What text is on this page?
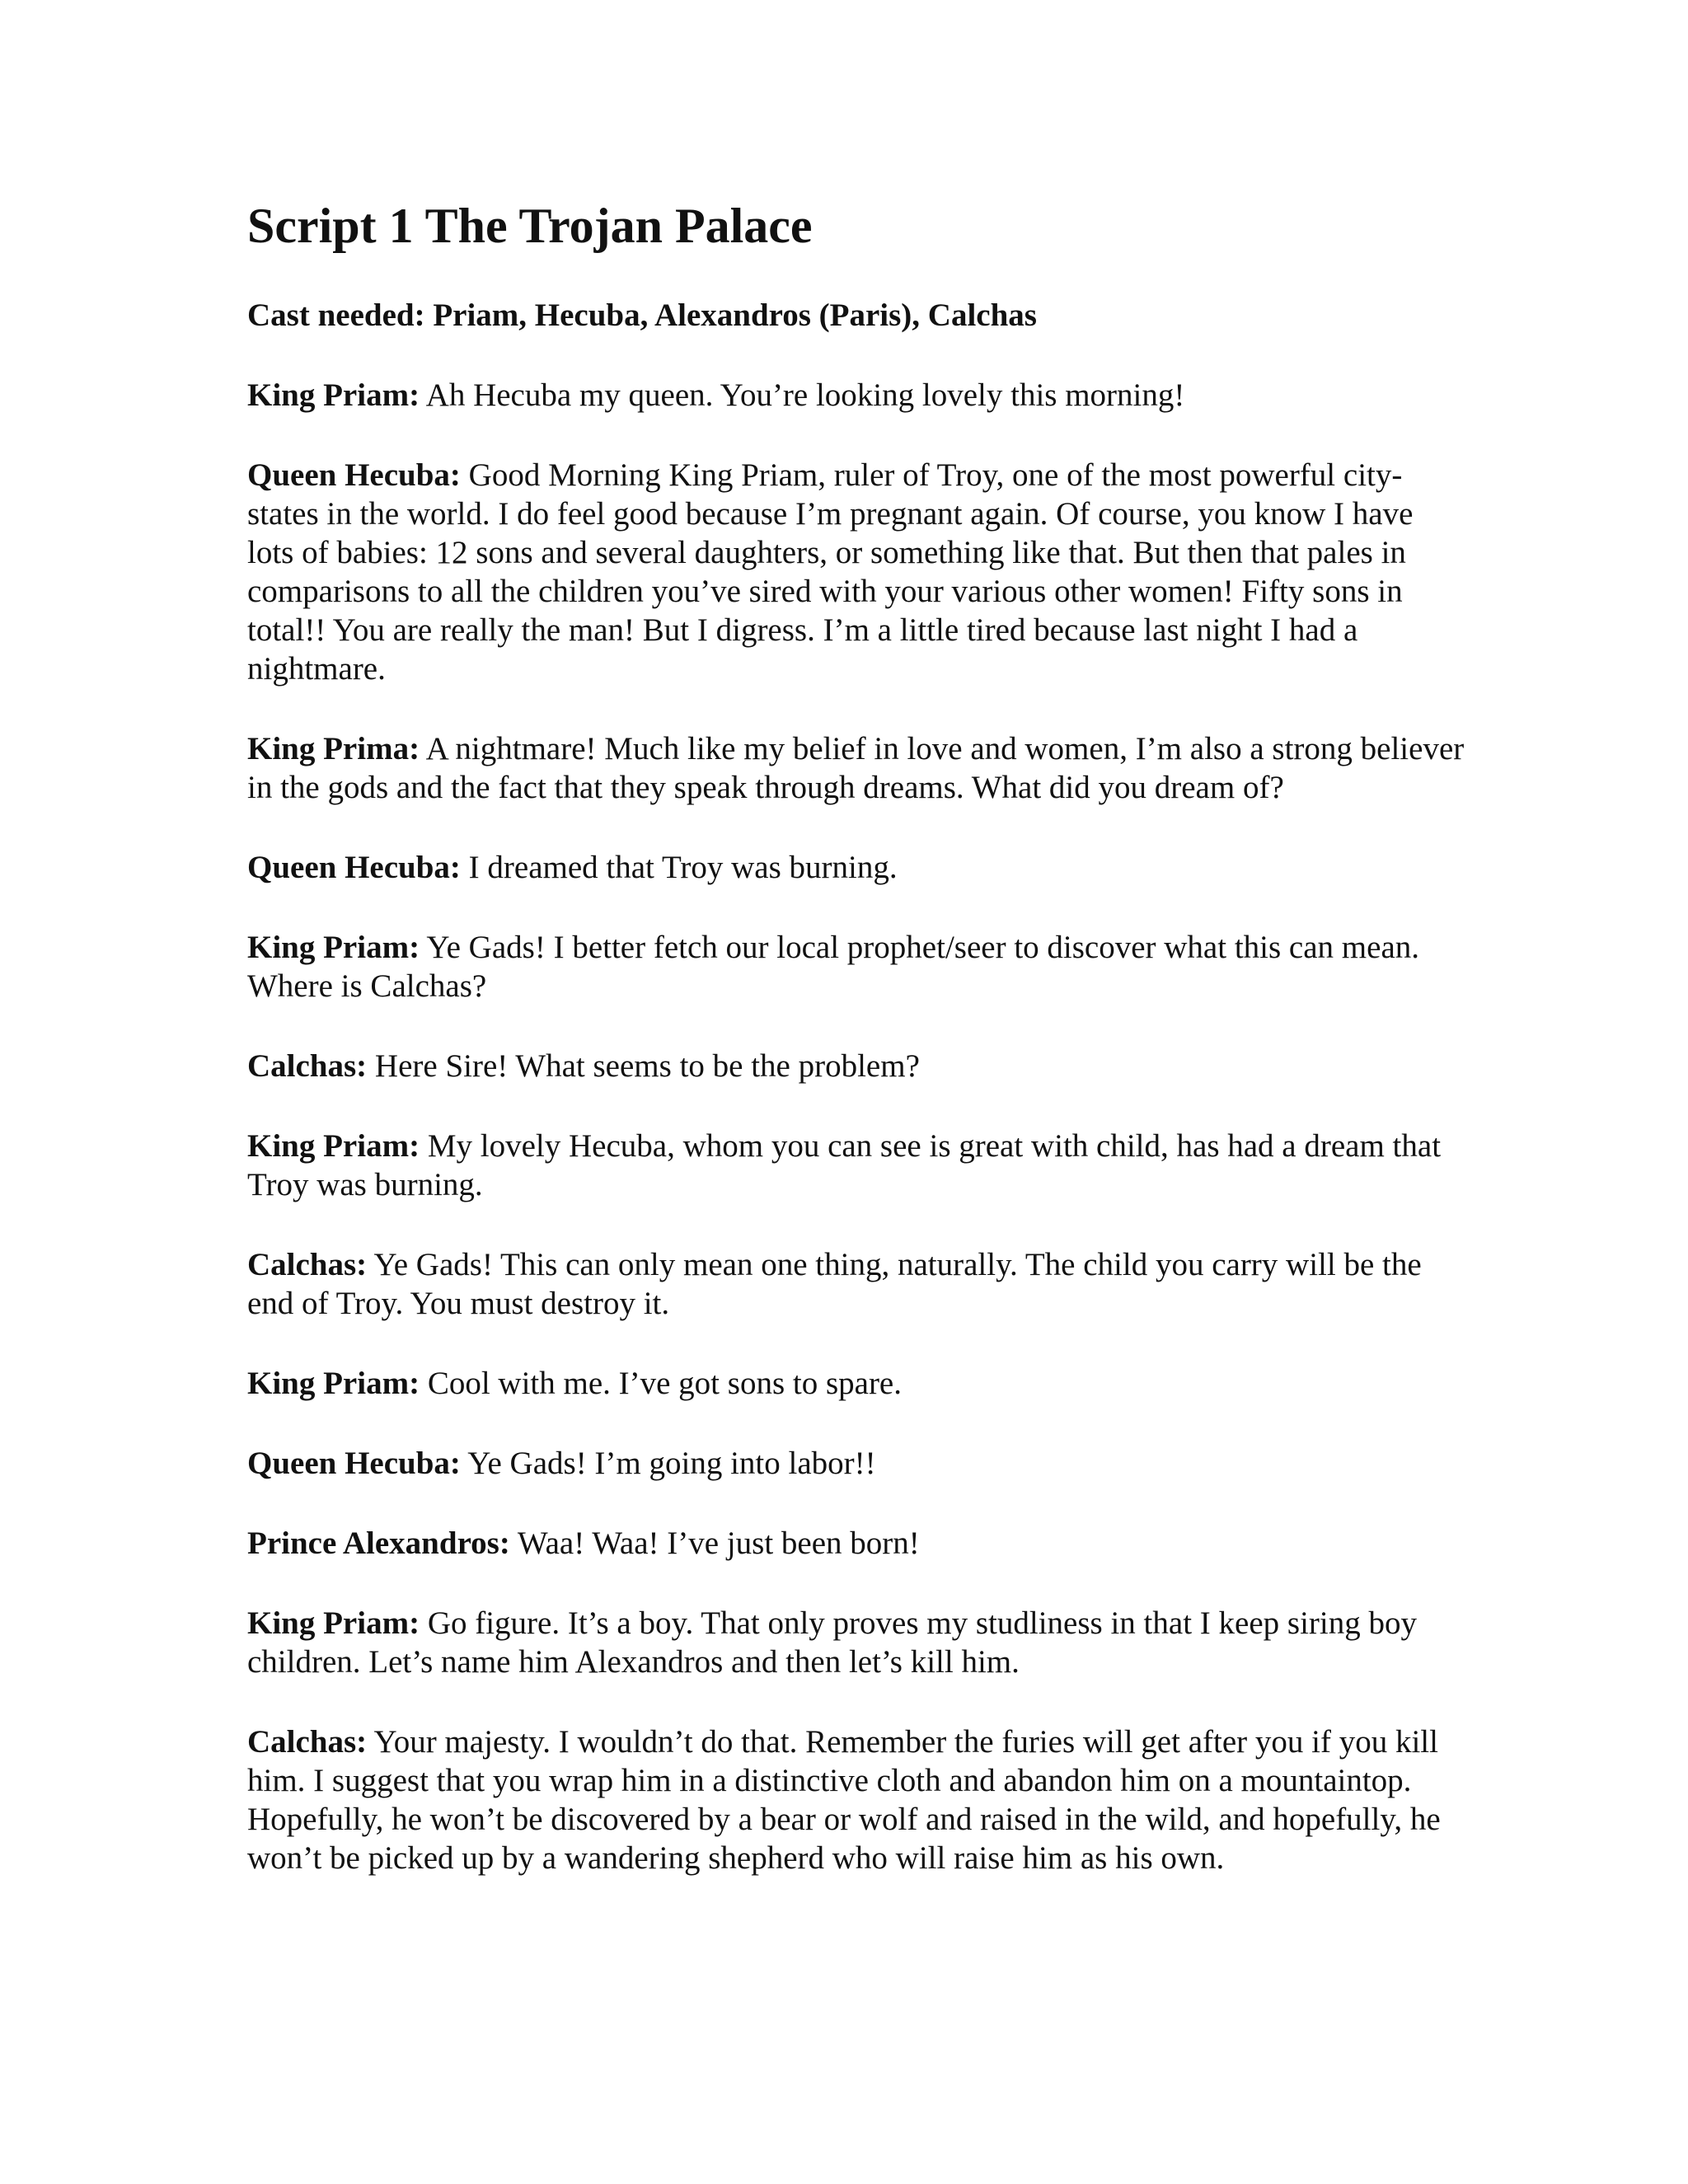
Script 1 The Trojan Palace

Cast needed: Priam, Hecuba, Alexandros (Paris), Calchas

King Priam: Ah Hecuba my queen. You’re looking lovely this morning!

Queen Hecuba: Good Morning King Priam, ruler of Troy, one of the most powerful city-states in the world. I do feel good because I’m pregnant again. Of course, you know I have lots of babies: 12 sons and several daughters, or something like that. But then that pales in comparisons to all the children you’ve sired with your various other women! Fifty sons in total!! You are really the man! But I digress. I’m a little tired because last night I had a nightmare.

King Prima: A nightmare! Much like my belief in love and women, I’m also a strong believer in the gods and the fact that they speak through dreams. What did you dream of?

Queen Hecuba: I dreamed that Troy was burning.

King Priam: Ye Gads! I better fetch our local prophet/seer to discover what this can mean. Where is Calchas?

Calchas: Here Sire! What seems to be the problem?

King Priam: My lovely Hecuba, whom you can see is great with child, has had a dream that Troy was burning.

Calchas: Ye Gads! This can only mean one thing, naturally. The child you carry will be the end of Troy. You must destroy it.

King Priam: Cool with me. I’ve got sons to spare.

Queen Hecuba: Ye Gads! I’m going into labor!!

Prince Alexandros: Waa! Waa! I’ve just been born!

King Priam: Go figure. It’s a boy. That only proves my studliness in that I keep siring boy children. Let’s name him Alexandros and then let’s kill him.

Calchas: Your majesty. I wouldn’t do that. Remember the furies will get after you if you kill him. I suggest that you wrap him in a distinctive cloth and abandon him on a mountaintop. Hopefully, he won’t be discovered by a bear or wolf and raised in the wild, and hopefully, he won’t be picked up by a wandering shepherd who will raise him as his own.
